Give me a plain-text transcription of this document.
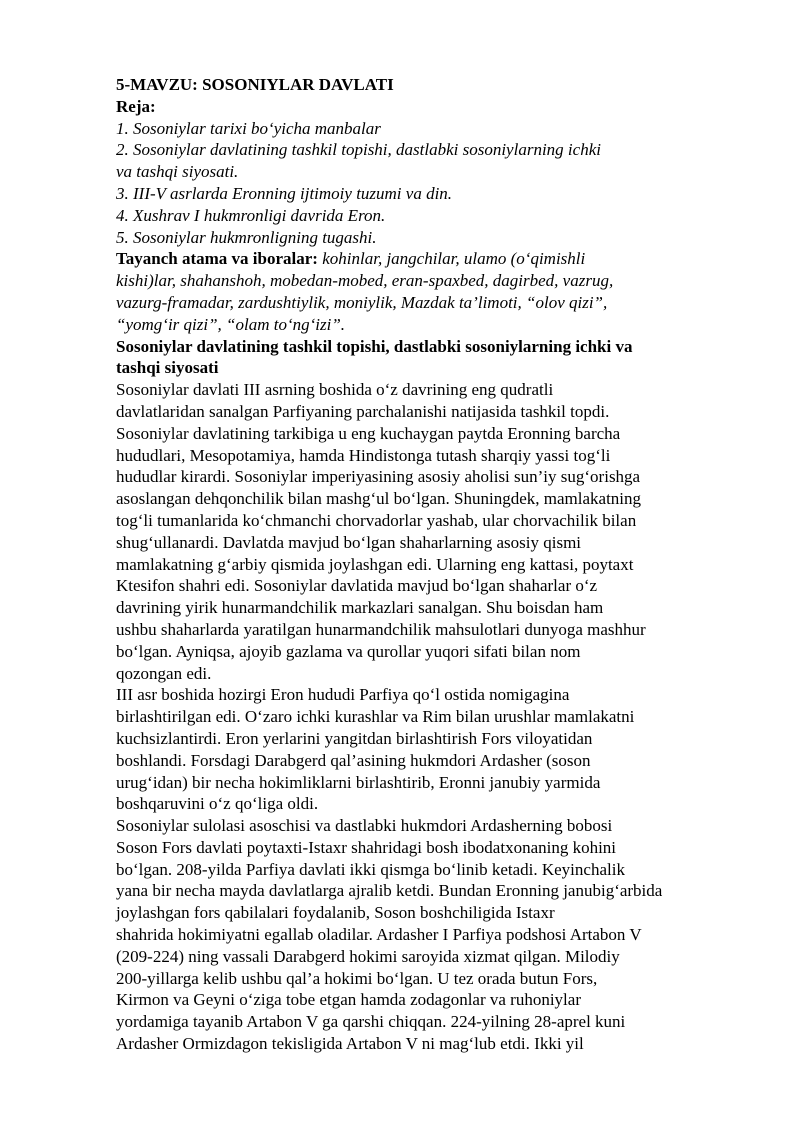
5-MAVZU: SOSONIYLAR DAVLATI
Reja:
1. Sosoniylar tarixi bo‘yicha manbalar
2. Sosoniylar davlatining tashkil topishi, dastlabki sosoniylarning ichki
va tashqi siyosati.
3. III-V asrlarda Eronning ijtimoiy tuzumi va din.
4. Xushrav I hukmronligi davrida Eron.
5. Sosoniylar hukmronligning tugashi.
Tayanch atama va iboralar: kohinlar, jangchilar, ulamo (o‘qimishli
kishi)lar, shahanshoh, mobedan-mobed, eran-spaxbed, dagirbed, vazrug,
vazurg-framadar, zardushtiylik, moniylik, Mazdak ta’limoti, “olov qizi”,
“yomg‘ir qizi”, “olam to‘ng‘izi”.
Sosoniylar davlatining tashkil topishi, dastlabki sosoniylarning ichki va
tashqi siyosati
Sosoniylar davlati III asrning boshida o‘z davrining eng qudratli
davlatlaridan sanalgan Parfiyaning parchalanishi natijasida tashkil topdi.
Sosoniylar davlatining tarkibiga u eng kuchaygan paytda Eronning barcha
hududlari, Mesopotamiya, hamda Hindistonga tutash sharqiy yassi tog‘li
hududlar kirardi. Sosoniylar imperiyasining asosiy aholisi sun’iy sug‘orishga
asoslangan dehqonchilik bilan mashg‘ul bo‘lgan. Shuningdek, mamlakatning
tog‘li tumanlarida ko‘chmanchi chorvadorlar yashab, ular chorvachilik bilan
shug‘ullanardi. Davlatda mavjud bo‘lgan shaharlarning asosiy qismi
mamlakatning g‘arbiy qismida joylashgan edi. Ularning eng kattasi, poytaxt
Ktesifon shahri edi. Sosoniylar davlatida mavjud bo‘lgan shaharlar o‘z
davrining yirik hunarmandchilik markazlari sanalgan. Shu boisdan ham
ushbu shaharlarda yaratilgan hunarmandchilik mahsulotlari dunyoga mashhur
bo‘lgan. Ayniqsa, ajoyib gazlama va qurollar yuqori sifati bilan nom
qozongan edi.
III asr boshida hozirgi Eron hududi Parfiya qo‘l ostida nomigagina
birlashtirilgan edi. O‘zaro ichki kurashlar va Rim bilan urushlar mamlakatni
kuchsizlantirdi. Eron yerlarini yangitdan birlashtirish Fors viloyatidan
boshlandi. Forsdagi Darabgerd qal’asining hukmdori Ardasher (soson
urug‘idan) bir necha hokimliklarni birlashtirib, Eronni janubiy yarmida
boshqaruvini o‘z qo‘liga oldi.
Sosoniylar sulolasi asoschisi va dastlabki hukmdori Ardasherning bobosi
Soson Fors davlati poytaxti-Istaxr shahridagi bosh ibodatxonaning kohini
bo‘lgan. 208-yilda Parfiya davlati ikki qismga bo‘linib ketadi. Keyinchalik
yana bir necha mayda davlatlarga ajralib ketdi. Bundan Eronning janubig‘arbida
joylashgan fors qabilalari foydalanib, Soson boshchiligida Istaxr
shahrida hokimiyatni egallab oladilar. Ardasher I Parfiya podshosi Artabon V
(209-224) ning vassali Darabgerd hokimi saroyida xizmat qilgan. Milodiy
200-yillarga kelib ushbu qal’a hokimi bo‘lgan. U tez orada butun Fors,
Kirmon va Geyni o‘ziga tobe etgan hamda zodagonlar va ruhoniylar
yordamiga tayanib Artabon V ga qarshi chiqqan. 224-yilning 28-aprel kuni
Ardasher Ormizdagon tekisligida Artabon V ni mag‘lub etdi. Ikki yil
